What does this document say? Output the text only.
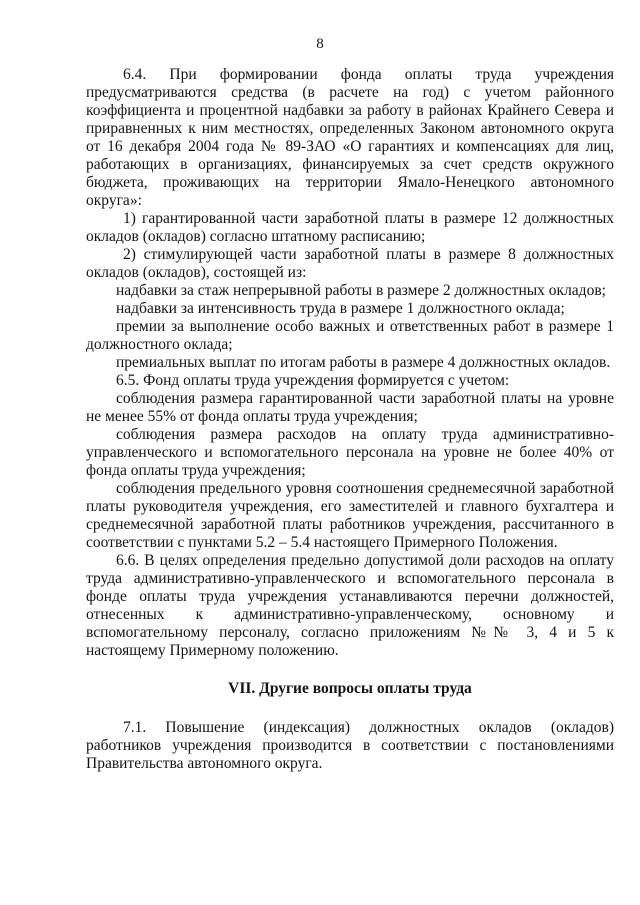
8

6.4. При формировании фонда оплаты труда учреждения предусматриваются средства (в расчете на год) с учетом районного коэффициента и процентной надбавки за работу в районах Крайнего Севера и приравненных к ним местностях, определенных Законом автономного округа от 16 декабря 2004 года № 89-ЗАО «О гарантиях и компенсациях для лиц, работающих в организациях, финансируемых за счет средств окружного бюджета, проживающих на территории Ямало-Ненецкого автономного округа»:

1) гарантированной части заработной платы в размере 12 должностных окладов (окладов) согласно штатному расписанию;

2) стимулирующей части заработной платы в размере 8 должностных окладов (окладов), состоящей из:

надбавки за стаж непрерывной работы в размере 2 должностных окладов;

надбавки за интенсивность труда в размере 1 должностного оклада;

премии за выполнение особо важных и ответственных работ в размере 1 должностного оклада;

премиальных выплат по итогам работы в размере 4 должностных окладов.

6.5. Фонд оплаты труда учреждения формируется с учетом:

соблюдения размера гарантированной части заработной платы на уровне не менее 55% от фонда оплаты труда учреждения;

соблюдения размера расходов на оплату труда административно-управленческого и вспомогательного персонала на уровне не более 40% от фонда оплаты труда учреждения;

соблюдения предельного уровня соотношения среднемесячной заработной платы руководителя учреждения, его заместителей и главного бухгалтера и среднемесячной заработной платы работников учреждения, рассчитанного в соответствии с пунктами 5.2 – 5.4 настоящего Примерного Положения.

6.6. В целях определения предельно допустимой доли расходов на оплату труда административно-управленческого и вспомогательного персонала в фонде оплаты труда учреждения устанавливаются перечни должностей, отнесенных к административно-управленческому, основному и вспомогательному персоналу, согласно приложениям №№ 3, 4 и 5 к настоящему Примерному положению.

VII. Другие вопросы оплаты труда

7.1. Повышение (индексация) должностных окладов (окладов) работников учреждения производится в соответствии с постановлениями Правительства автономного округа.
